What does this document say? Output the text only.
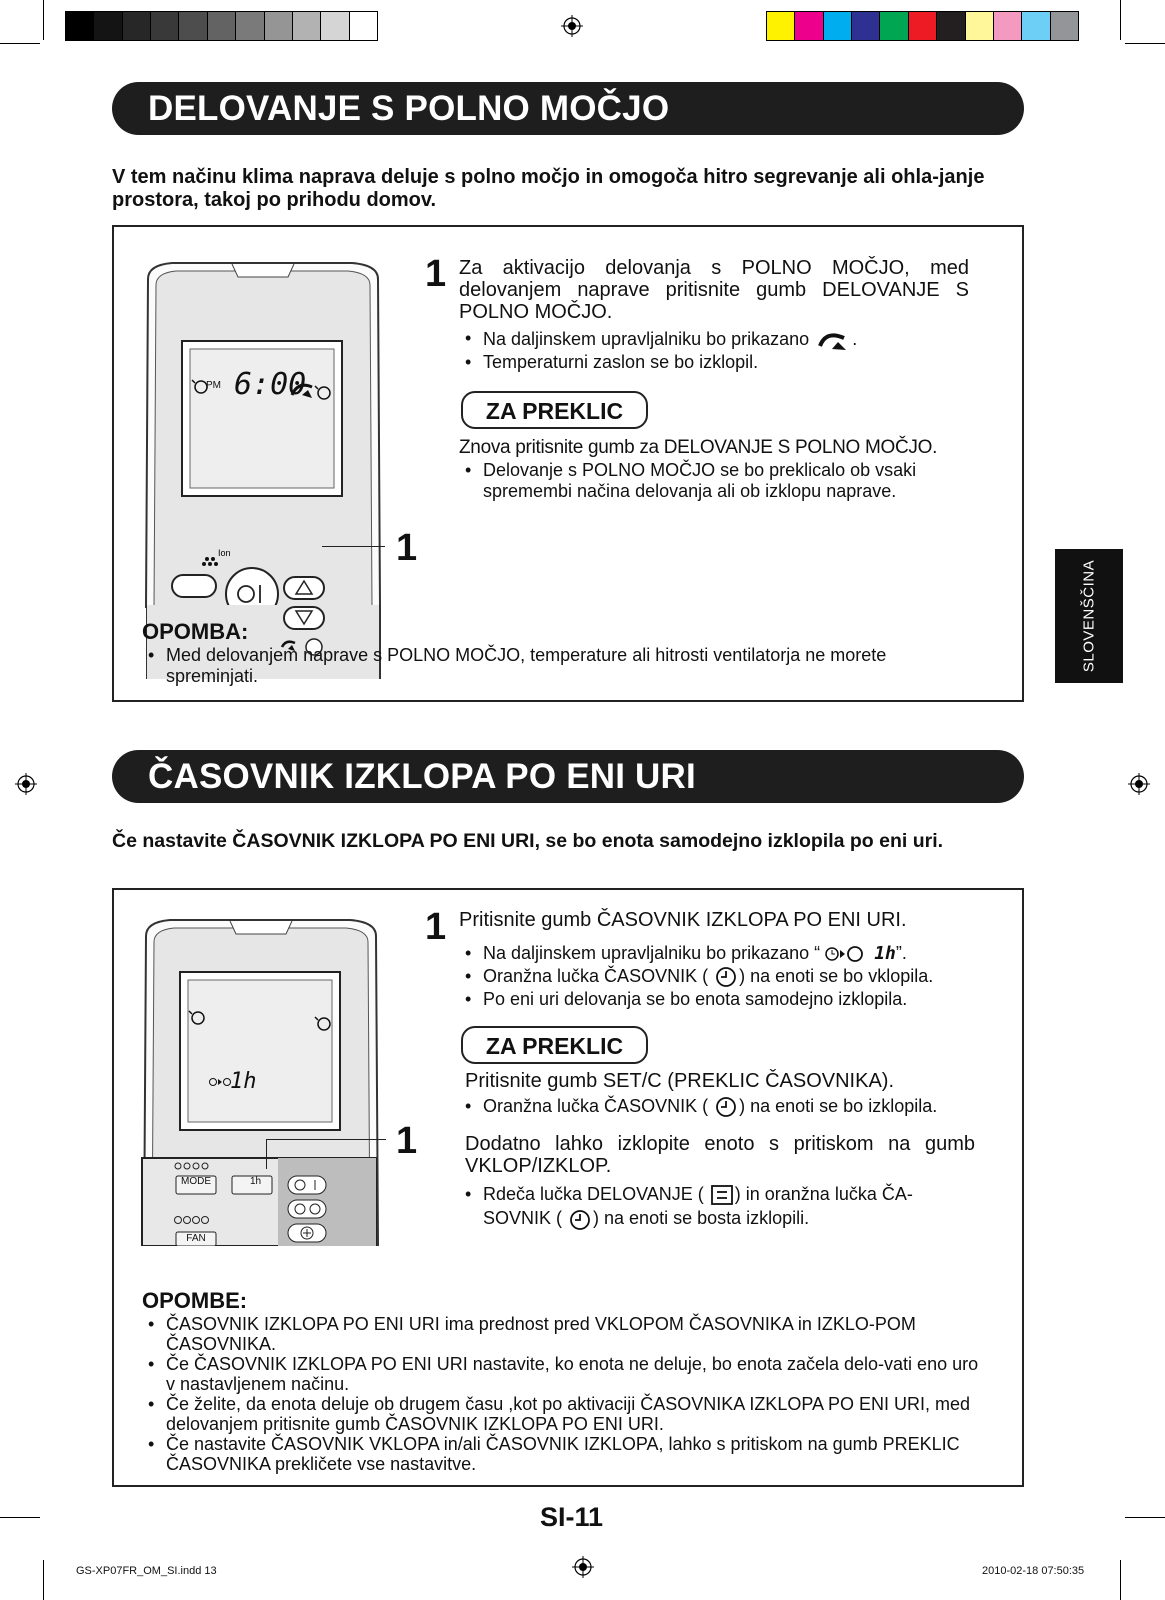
DELOVANJE S POLNO MOČJO
V tem načinu klima naprava deluje s polno močjo in omogoča hitro segrevanje ali ohla-janje prostora, takoj po prihodu domov.
Ion
6:00
PM
1
1 Za aktivacijo delovanja s POLNO MOČJO, med delovanjem naprave pritisnite gumb DELOVANJE S POLNO MOČJO.
• Na daljinskem upravljalniku bo prikazano .
• Temperaturni zaslon se bo izklopil.
ZA PREKLIC
Znova pritisnite gumb za DELOVANJE S POLNO MOČJO.
• Delovanje s POLNO MOČJO se bo preklicalo ob vsaki spremembi načina delovanja ali ob izklopu naprave.
OPOMBA:
• Med delovanjem naprave s POLNO MOČJO, temperature ali hitrosti ventilatorja ne morete spreminjati.
SLOVENŠČINA
ČASOVNIK IZKLOPA PO ENI URI
Če nastavite ČASOVNIK IZKLOPA PO ENI URI, se bo enota samodejno izklopila po eni uri.
1h
MODE
FAN
1h
1
1 Pritisnite gumb ČASOVNIK IZKLOPA PO ENI URI.
• Na daljinskem upravljalniku bo prikazano “	1h”.
• Oranžna lučka ČASOVNIK ( ) na enoti se bo vklopila.
• Po eni uri delovanja se bo enota samodejno izklopila.
ZA PREKLIC
Pritisnite gumb SET/C (PREKLIC ČASOVNIKA).
• Oranžna lučka ČASOVNIK ( ) na enoti se bo izklopila.
Dodatno lahko izklopite enoto s pritiskom na gumb VKLOP/IZKLOP.
• Rdeča lučka DELOVANJE ( ) in oranžna lučka ČA-SOVNIK ( ) na enoti se bosta izklopili.
OPOMBE:
• ČASOVNIK IZKLOPA PO ENI URI ima prednost pred VKLOPOM ČASOVNIKA in IZKLO-POM ČASOVNIKA.
• Če ČASOVNIK IZKLOPA PO ENI URI nastavite, ko enota ne deluje, bo enota začela delo-vati eno uro v nastavljenem načinu.
• Če želite, da enota deluje ob drugem času ,kot po aktivaciji ČASOVNIKA IZKLOPA PO ENI URI, med delovanjem pritisnite gumb ČASOVNIK IZKLOPA PO ENI URI.
• Če nastavite ČASOVNIK VKLOPA in/ali ČASOVNIK IZKLOPA, lahko s pritiskom na gumb PREKLIC ČASOVNIKA prekličete vse nastavitve.
SI-11
GS-XP07FR_OM_SI.indd 13	2010-02-18 07:50:35
